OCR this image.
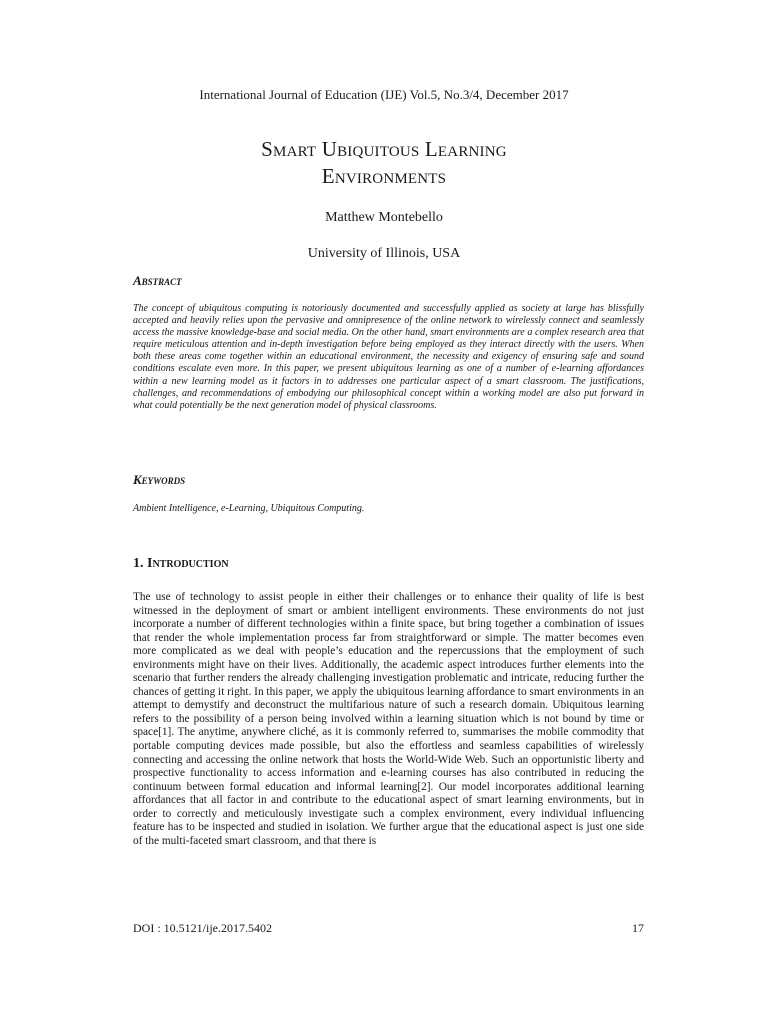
International Journal of Education (IJE) Vol.5, No.3/4, December 2017
Smart Ubiquitous Learning
Environments
Matthew Montebello
University of Illinois, USA
Abstract

The concept of ubiquitous computing is notoriously documented and successfully applied as society at large has blissfully accepted and heavily relies upon the pervasive and omnipresence of the online network to wirelessly connect and seamlessly access the massive knowledge-base and social media. On the other hand, smart environments are a complex research area that require meticulous attention and in-depth investigation before being employed as they interact directly with the users. When both these areas come together within an educational environment, the necessity and exigency of ensuring safe and sound conditions escalate even more. In this paper, we present ubiquitous learning as one of a number of e-learning affordances within a new learning model as it factors in to addresses one particular aspect of a smart classroom. The justifications, challenges, and recommendations of embodying our philosophical concept within a working model are also put forward in what could potentially be the next generation model of physical classrooms.

Keywords

Ambient Intelligence, e-Learning, Ubiquitous Computing.

1. Introduction

The use of technology to assist people in either their challenges or to enhance their quality of life is best witnessed in the deployment of smart or ambient intelligent environments. These environments do not just incorporate a number of different technologies within a finite space, but bring together a combination of issues that render the whole implementation process far from straightforward or simple. The matter becomes even more complicated as we deal with people’s education and the repercussions that the employment of such environments might have on their lives. Additionally, the academic aspect introduces further elements into the scenario that further renders the already challenging investigation problematic and intricate, reducing further the chances of getting it right. In this paper, we apply the ubiquitous learning affordance to smart environments in an attempt to demystify and deconstruct the multifarious nature of such a research domain. Ubiquitous learning refers to the possibility of a person being involved within a learning situation which is not bound by time or space[1]. The anytime, anywhere cliché, as it is commonly referred to, summarises the mobile commodity that portable computing devices made possible, but also the effortless and seamless capabilities of wirelessly connecting and accessing the online network that hosts the World-Wide Web. Such an opportunistic liberty and prospective functionality to access information and e-learning courses has also contributed in reducing the continuum between formal education and informal learning[2]. Our model incorporates additional learning affordances that all factor in and contribute to the educational aspect of smart learning environments, but in order to correctly and meticulously investigate such a complex environment, every individual influencing feature has to be inspected and studied in isolation. We further argue that the educational aspect is just one side of the multi-faceted smart classroom, and that there is

DOI : 10.5121/ije.2017.5402	17
